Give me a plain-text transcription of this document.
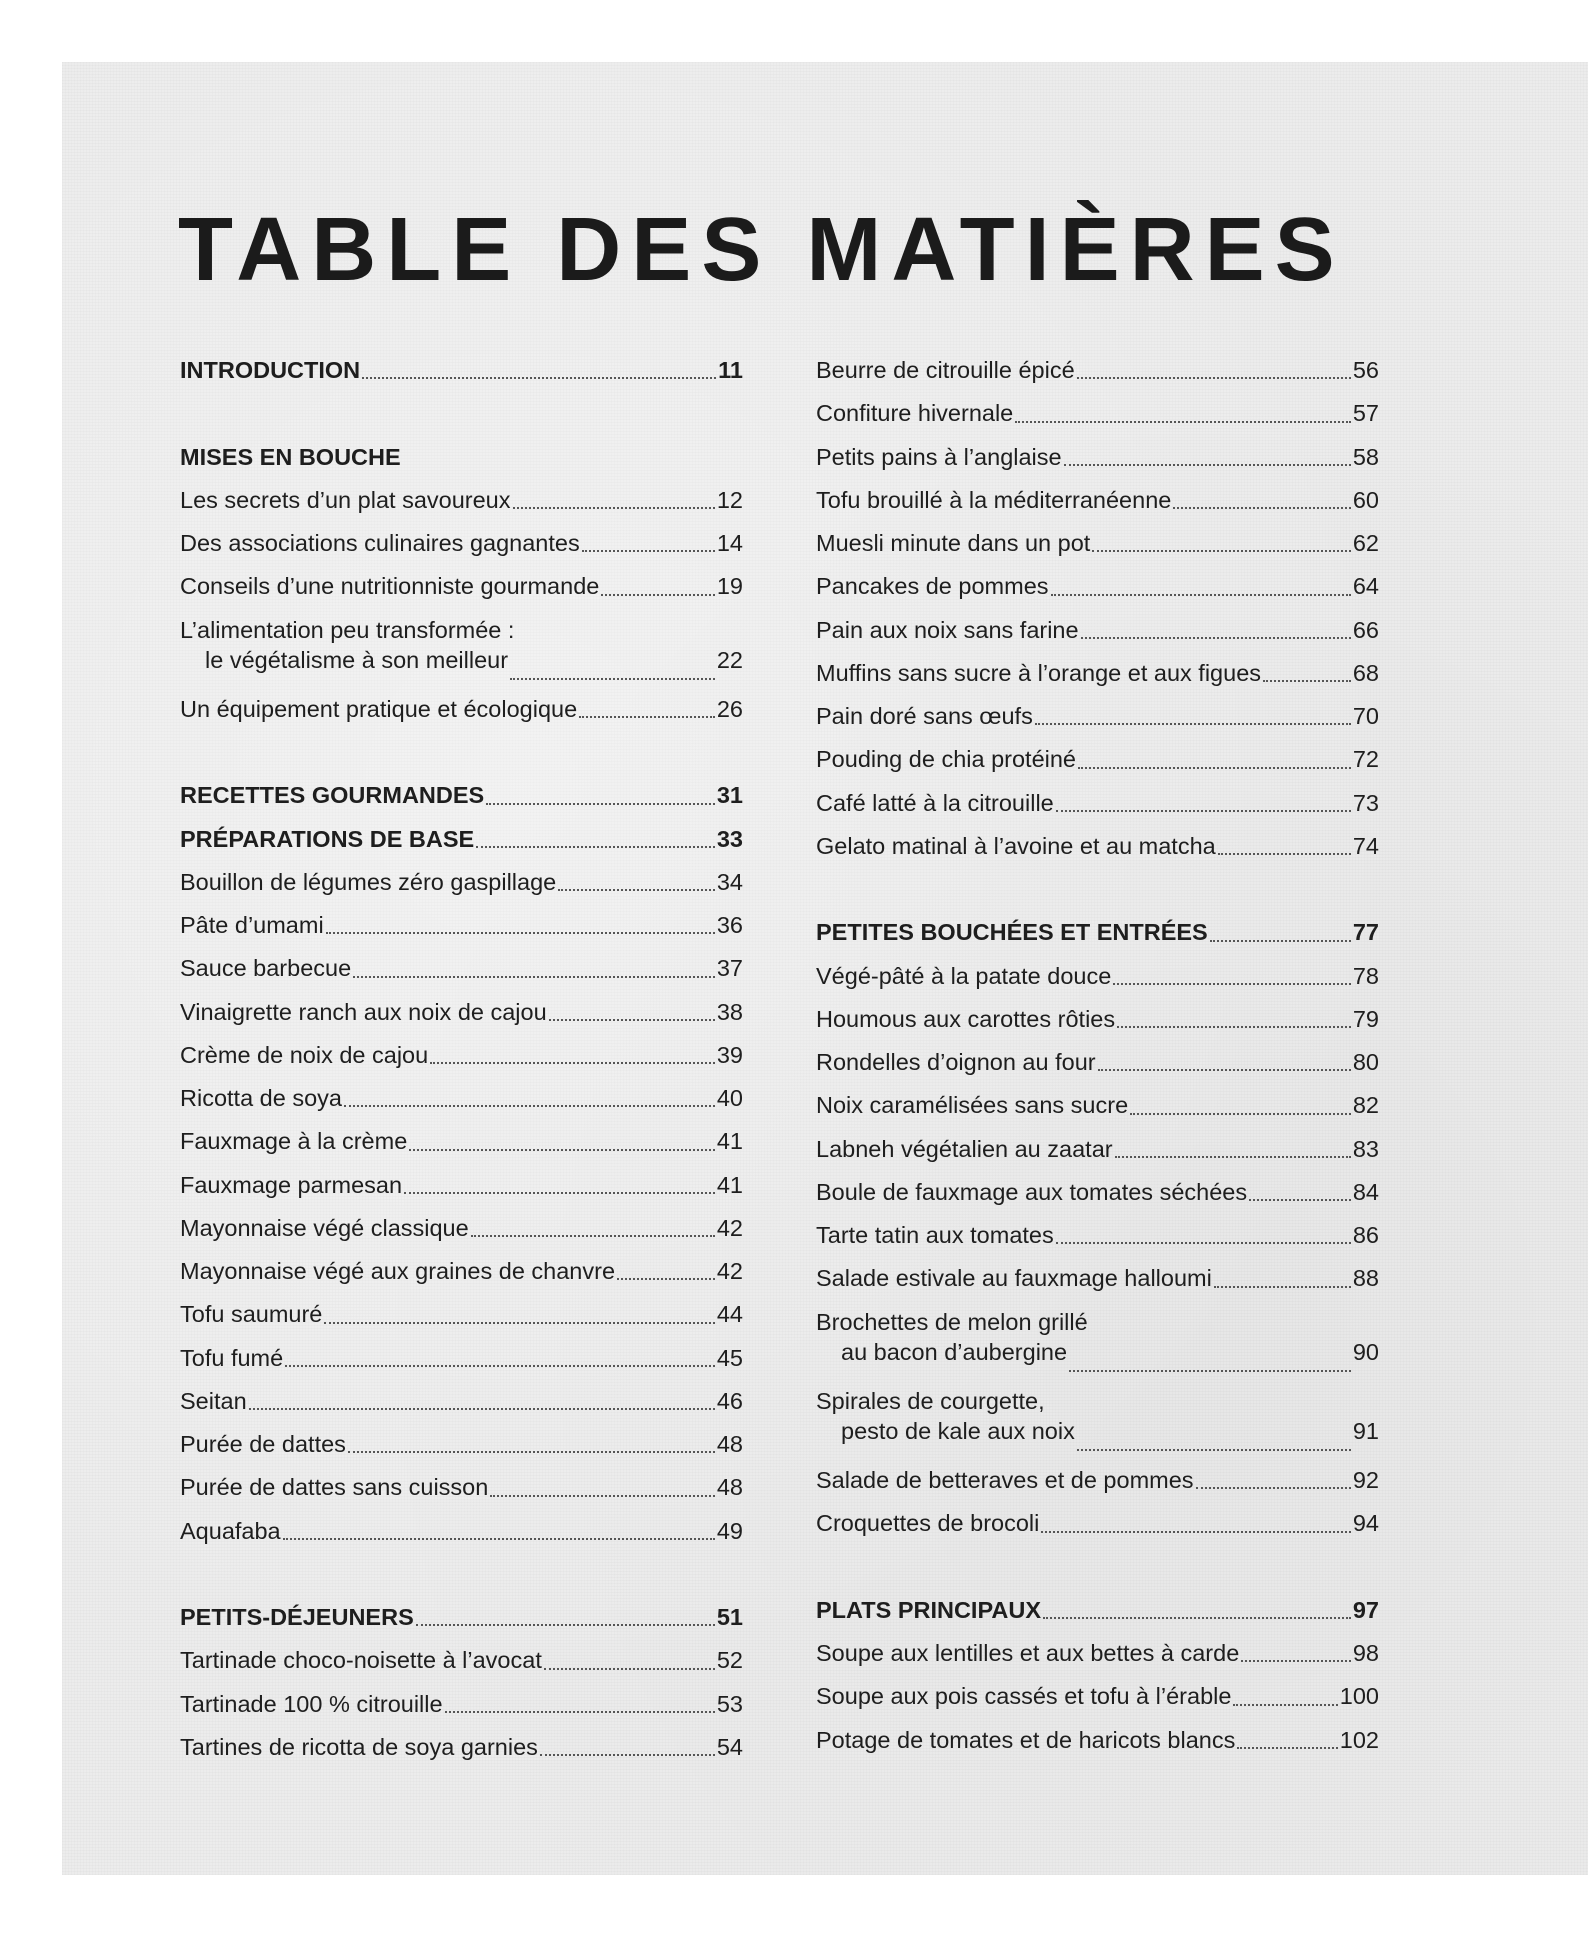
TABLE DES MATIÈRES
INTRODUCTION	11
MISES EN BOUCHE
Les secrets d’un plat savoureux	12
Des associations culinaires gagnantes	14
Conseils d’une nutritionniste gourmande	19
L’alimentation peu transformée :
le végétalisme à son meilleur	22
Un équipement pratique et écologique	26
RECETTES GOURMANDES	31
PRÉPARATIONS DE BASE	33
Bouillon de légumes zéro gaspillage	34
Pâte d’umami	36
Sauce barbecue	37
Vinaigrette ranch aux noix de cajou	38
Crème de noix de cajou	39
Ricotta de soya	40
Fauxmage à la crème	41
Fauxmage parmesan	41
Mayonnaise végé classique	42
Mayonnaise végé aux graines de chanvre	42
Tofu saumuré	44
Tofu fumé	45
Seitan	46
Purée de dattes	48
Purée de dattes sans cuisson	48
Aquafaba	49
PETITS-DÉJEUNERS	51
Tartinade choco-noisette à l’avocat	52
Tartinade 100 % citrouille	53
Tartines de ricotta de soya garnies	54
Beurre de citrouille épicé	56
Confiture hivernale	57
Petits pains à l’anglaise	58
Tofu brouillé à la méditerranéenne	60
Muesli minute dans un pot	62
Pancakes de pommes	64
Pain aux noix sans farine	66
Muffins sans sucre à l’orange et aux figues	68
Pain doré sans œufs	70
Pouding de chia protéiné	72
Café latté à la citrouille	73
Gelato matinal à l’avoine et au matcha	74
PETITES BOUCHÉES ET ENTRÉES	77
Végé-pâté à la patate douce	78
Houmous aux carottes rôties	79
Rondelles d’oignon au four	80
Noix caramélisées sans sucre	82
Labneh végétalien au zaatar	83
Boule de fauxmage aux tomates séchées	84
Tarte tatin aux tomates	86
Salade estivale au fauxmage halloumi	88
Brochettes de melon grillé
au bacon d’aubergine	90
Spirales de courgette,
pesto de kale aux noix	91
Salade de betteraves et de pommes	92
Croquettes de brocoli	94
PLATS PRINCIPAUX	97
Soupe aux lentilles et aux bettes à carde	98
Soupe aux pois cassés et tofu à l’érable	100
Potage de tomates et de haricots blancs	102
